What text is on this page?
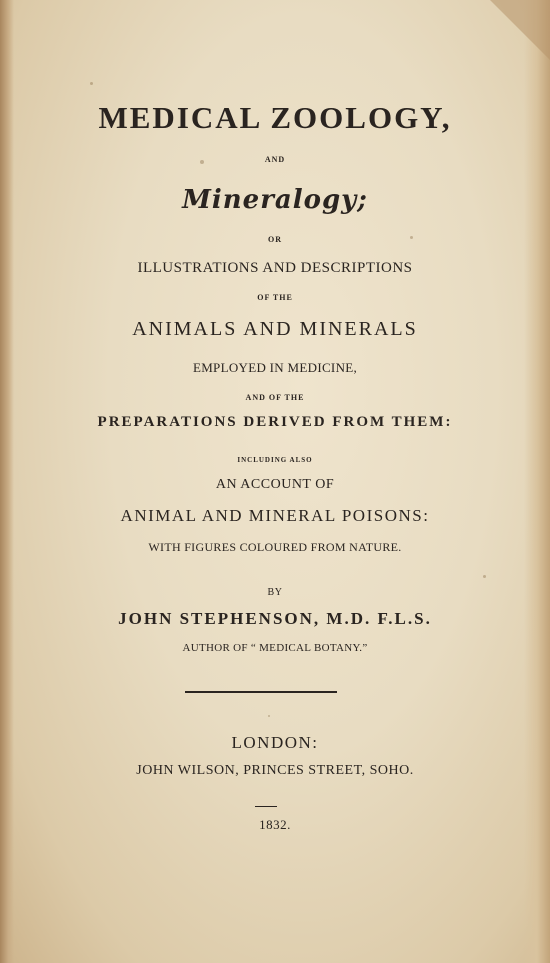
MEDICAL ZOOLOGY,
AND
Mineralogy;
OR
ILLUSTRATIONS AND DESCRIPTIONS
OF THE
ANIMALS AND MINERALS
EMPLOYED IN MEDICINE,
AND OF THE
PREPARATIONS DERIVED FROM THEM:
INCLUDING ALSO
AN ACCOUNT OF
ANIMAL AND MINERAL POISONS:
WITH FIGURES COLOURED FROM NATURE.
BY
JOHN STEPHENSON, M.D. F.L.S.
AUTHOR OF “ MEDICAL BOTANY.”
LONDON:
JOHN WILSON, PRINCES STREET, SOHO.
1832.
